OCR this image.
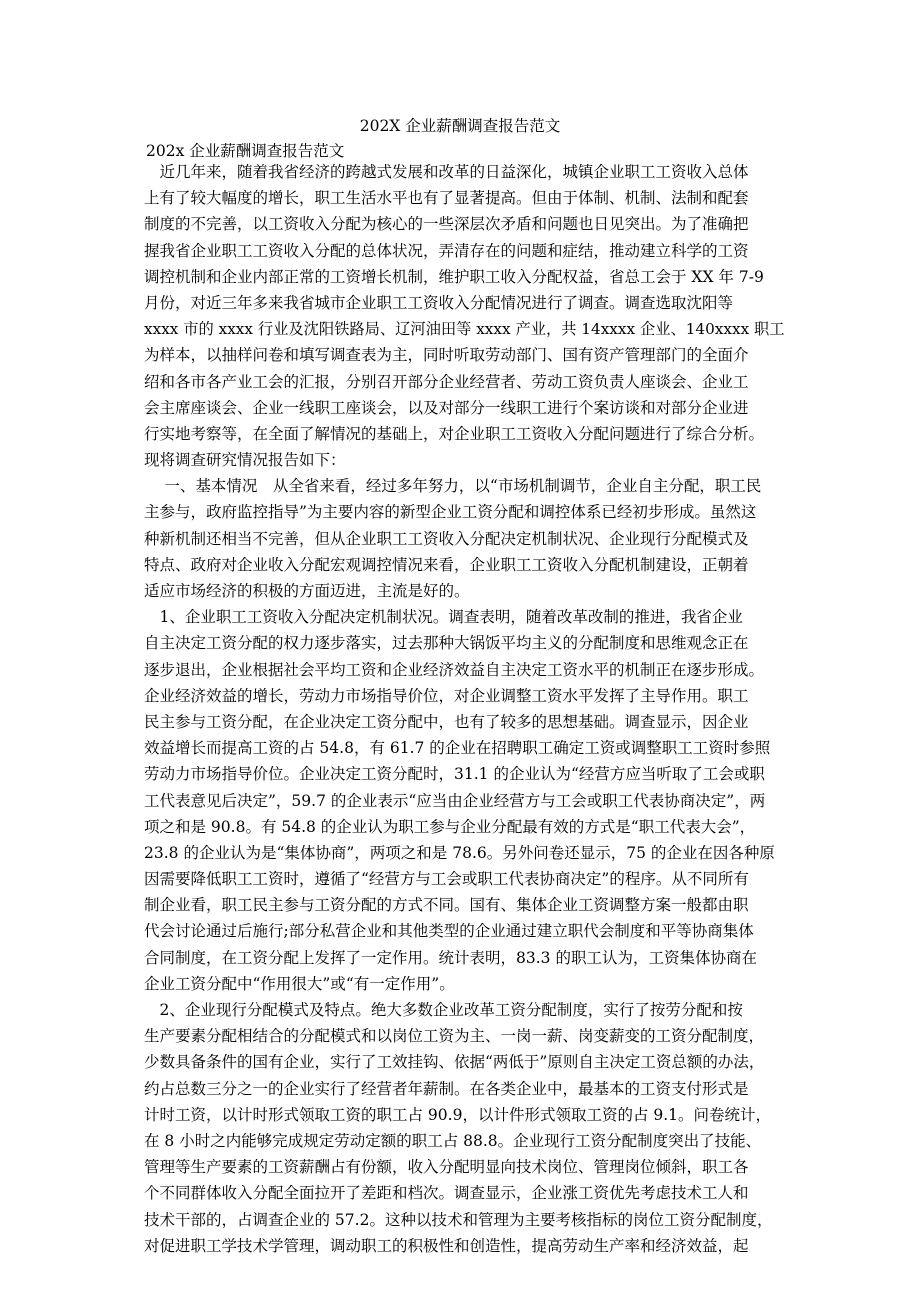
202X 企业薪酬调查报告范文
202x 企业薪酬调查报告范文
　近几年来，随着我省经济的跨越式发展和改革的日益深化，城镇企业职工工资收入总体
上有了较大幅度的增长，职工生活水平也有了显著提高。但由于体制、机制、法制和配套
制度的不完善，以工资收入分配为核心的一些深层次矛盾和问题也日见突出。为了准确把
握我省企业职工工资收入分配的总体状况，弄清存在的问题和症结，推动建立科学的工资
调控机制和企业内部正常的工资增长机制，维护职工收入分配权益，省总工会于 XX 年 7-9
月份，对近三年多来我省城市企业职工工资收入分配情况进行了调查。调查选取沈阳等
xxxx 市的 xxxx 行业及沈阳铁路局、辽河油田等 xxxx 产业，共 14xxxx 企业、140xxxx 职工
为样本，以抽样问卷和填写调查表为主，同时听取劳动部门、国有资产管理部门的全面介
绍和各市各产业工会的汇报，分别召开部分企业经营者、劳动工资负责人座谈会、企业工
会主席座谈会、企业一线职工座谈会，以及对部分一线职工进行个案访谈和对部分企业进
行实地考察等，在全面了解情况的基础上，对企业职工工资收入分配问题进行了综合分析。
现将调查研究情况报告如下：
　 一、基本情况　从全省来看，经过多年努力，以“市场机制调节，企业自主分配，职工民
主参与，政府监控指导”为主要内容的新型企业工资分配和调控体系已经初步形成。虽然这
种新机制还相当不完善，但从企业职工工资收入分配决定机制状况、企业现行分配模式及
特点、政府对企业收入分配宏观调控情况来看，企业职工工资收入分配机制建设，正朝着
适应市场经济的积极的方面迈进，主流是好的。
　1、企业职工工资收入分配决定机制状况。调查表明，随着改革改制的推进，我省企业
自主决定工资分配的权力逐步落实，过去那种大锅饭平均主义的分配制度和思维观念正在
逐步退出，企业根据社会平均工资和企业经济效益自主决定工资水平的机制正在逐步形成。
企业经济效益的增长，劳动力市场指导价位，对企业调整工资水平发挥了主导作用。职工
民主参与工资分配，在企业决定工资分配中，也有了较多的思想基础。调查显示，因企业
效益增长而提高工资的占 54.8，有 61.7 的企业在招聘职工确定工资或调整职工工资时参照
劳动力市场指导价位。企业决定工资分配时，31.1 的企业认为“经营方应当听取了工会或职
工代表意见后决定”，59.7 的企业表示“应当由企业经营方与工会或职工代表协商决定”，两
项之和是 90.8。有 54.8 的企业认为职工参与企业分配最有效的方式是“职工代表大会”，
23.8 的企业认为是“集体协商”，两项之和是 78.6。另外问卷还显示，75 的企业在因各种原
因需要降低职工工资时，遵循了“经营方与工会或职工代表协商决定”的程序。从不同所有
制企业看，职工民主参与工资分配的方式不同。国有、集体企业工资调整方案一般都由职
代会讨论通过后施行;部分私营企业和其他类型的企业通过建立职代会制度和平等协商集体
合同制度，在工资分配上发挥了一定作用。统计表明，83.3 的职工认为，工资集体协商在
企业工资分配中“作用很大”或“有一定作用”。
　2、企业现行分配模式及特点。绝大多数企业改革工资分配制度，实行了按劳分配和按
生产要素分配相结合的分配模式和以岗位工资为主、一岗一薪、岗变薪变的工资分配制度，
少数具备条件的国有企业，实行了工效挂钩、依据“两低于”原则自主决定工资总额的办法，
约占总数三分之一的企业实行了经营者年薪制。在各类企业中，最基本的工资支付形式是
计时工资，以计时形式领取工资的职工占 90.9，以计件形式领取工资的占 9.1。问卷统计，
在 8 小时之内能够完成规定劳动定额的职工占 88.8。企业现行工资分配制度突出了技能、
管理等生产要素的工资薪酬占有份额，收入分配明显向技术岗位、管理岗位倾斜，职工各
个不同群体收入分配全面拉开了差距和档次。调查显示，企业涨工资优先考虑技术工人和
技术干部的，占调查企业的 57.2。这种以技术和管理为主要考核指标的岗位工资分配制度，
对促进职工学技术学管理，调动职工的积极性和创造性，提高劳动生产率和经济效益，起
